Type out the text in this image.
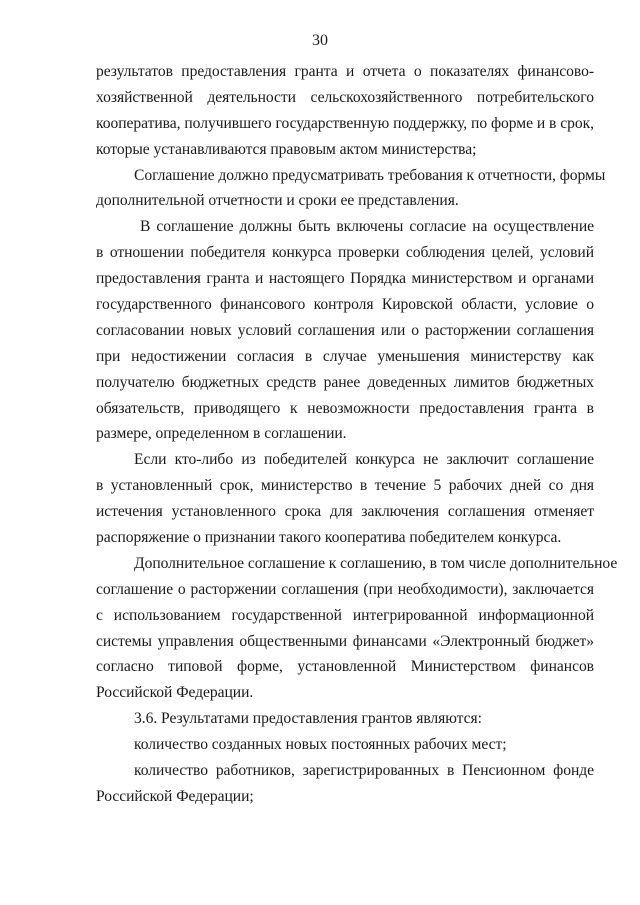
30
результатов предоставления гранта и отчета о показателях финансово-
хозяйственной деятельности сельскохозяйственного потребительского
кооператива, получившего государственную поддержку, по форме и в срок,
которые устанавливаются правовым актом министерства;
Соглашение должно предусматривать требования к отчетности, формы
дополнительной отчетности и сроки ее представления.
В соглашение должны быть включены согласие на осуществление
в отношении победителя конкурса проверки соблюдения целей, условий
предоставления гранта и настоящего Порядка министерством и органами
государственного финансового контроля Кировской области, условие о
согласовании новых условий соглашения или о расторжении соглашения
при недостижении согласия в случае уменьшения министерству как
получателю бюджетных средств ранее доведенных лимитов бюджетных
обязательств, приводящего к невозможности предоставления гранта в
размере, определенном в соглашении.
Если кто-либо из победителей конкурса не заключит соглашение
в установленный срок, министерство в течение 5 рабочих дней со дня
истечения установленного срока для заключения соглашения отменяет
распоряжение о признании такого кооператива победителем конкурса.
Дополнительное соглашение к соглашению, в том числе дополнительное
соглашение о расторжении соглашения (при необходимости), заключается
с использованием государственной интегрированной информационной
системы управления общественными финансами «Электронный бюджет»
согласно типовой форме, установленной Министерством финансов
Российской Федерации.
3.6. Результатами предоставления грантов являются:
количество созданных новых постоянных рабочих мест;
количество работников, зарегистрированных в Пенсионном фонде
Российской Федерации;
